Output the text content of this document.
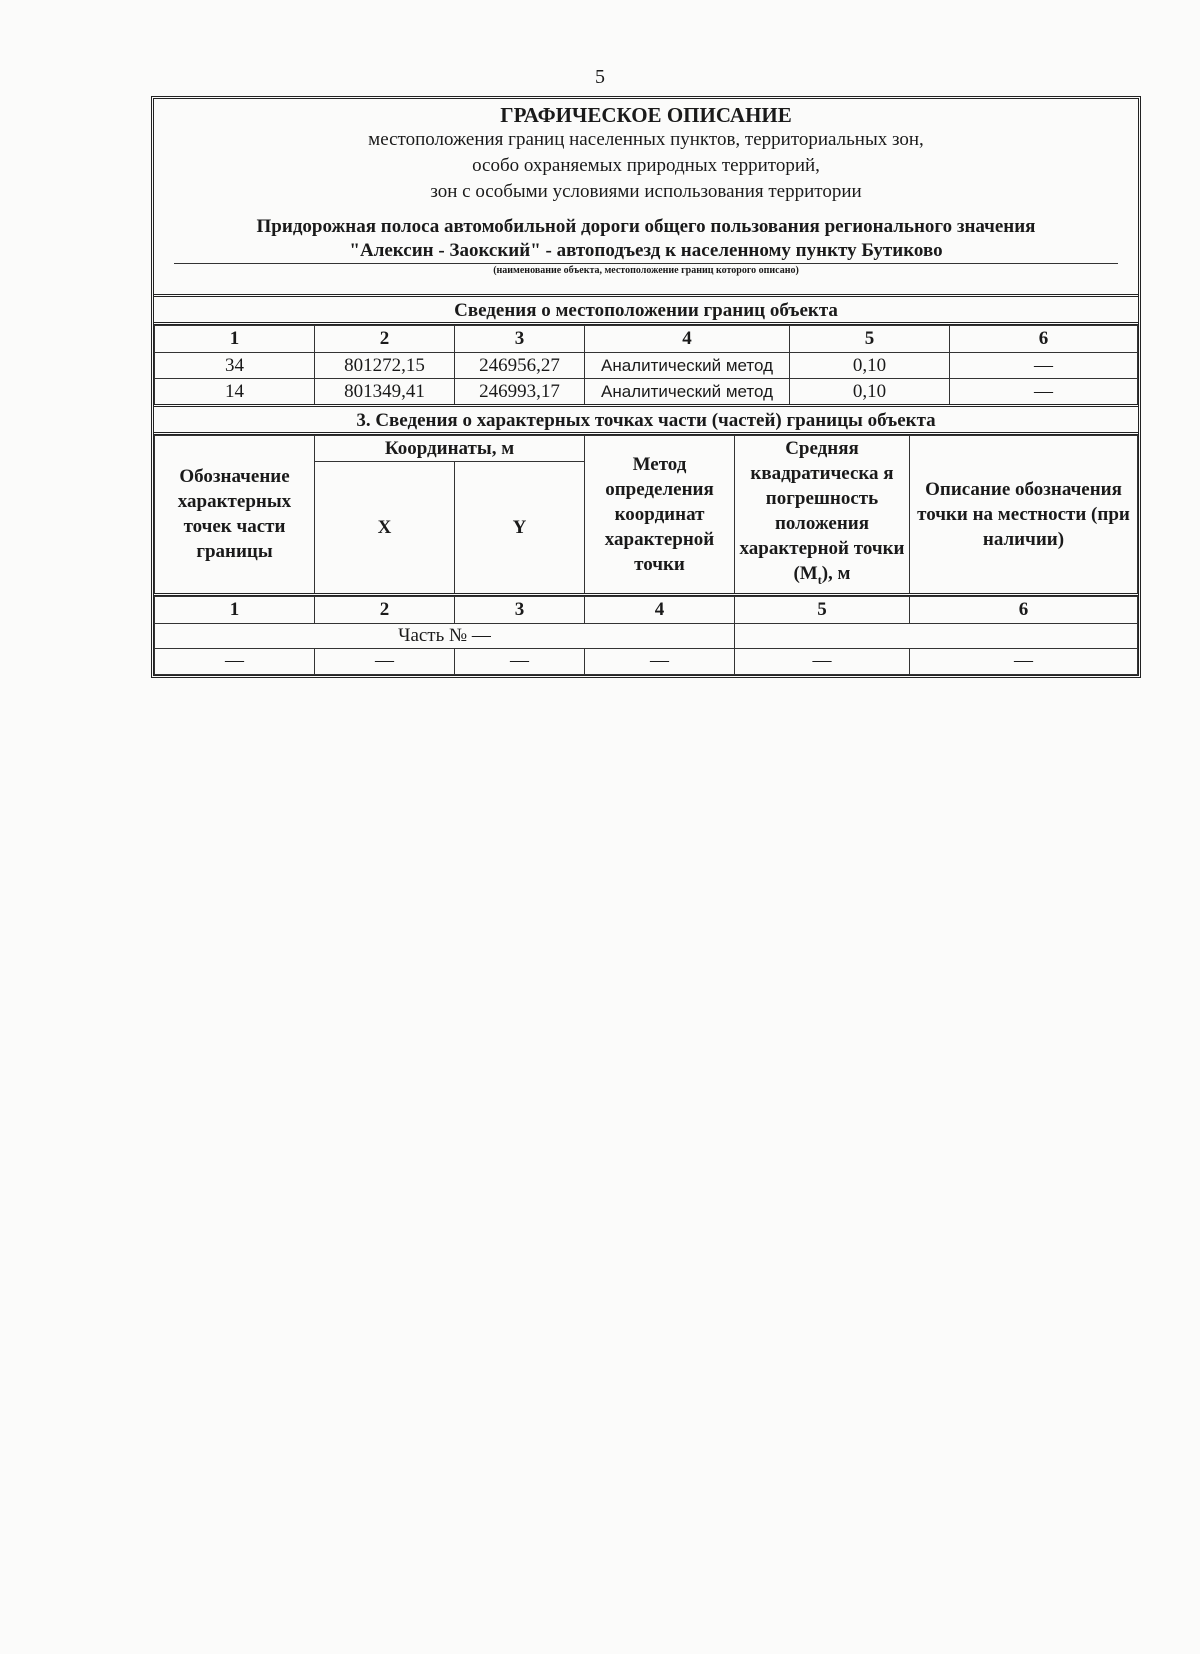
5
ГРАФИЧЕСКОЕ ОПИСАНИЕ
местоположения границ населенных пунктов, территориальных зон,
особо охраняемых природных территорий,
зон с особыми условиями использования территории
Придорожная полоса автомобильной дороги общего пользования регионального значения
"Алексин - Заокский" - автоподъезд к населенному пункту Бутиково
(наименование объекта, местоположение границ которого описано)
Сведения о местоположении границ объекта
1	2	3	4	5	6
34	801272,15	246956,27	Аналитический метод	0,10	—
14	801349,41	246993,17	Аналитический метод	0,10	—
3. Сведения о характерных точках части (частей) границы объекта
Обозначение характерных точек части границы	Координаты, м		Метод определения координат характерной точки	Средняя квадратическа я погрешность положения характерной точки $(M_t)$, м	Описание обозначения точки на местности (при наличии)
	X	Y			
1	2	3	4	5	6
Часть № —					
—	—	—	—	—	—
